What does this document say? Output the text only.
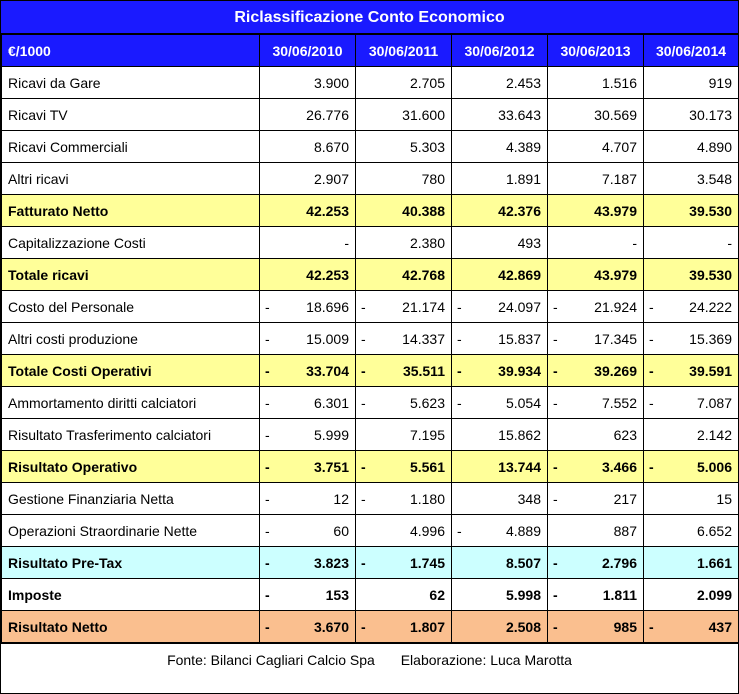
Riclassificazione Conto Economico
€/1000	30/06/2010	30/06/2011	30/06/2012	30/06/2013	30/06/2014
Ricavi da Gare	3.900	2.705	2.453	1.516	919
Ricavi TV	26.776	31.600	33.643	30.569	30.173
Ricavi Commerciali	8.670	5.303	4.389	4.707	4.890
Altri ricavi	2.907	780	1.891	7.187	3.548
Fatturato Netto	42.253	40.388	42.376	43.979	39.530
Capitalizzazione Costi	-	2.380	493	-	-
Totale ricavi	42.253	42.768	42.869	43.979	39.530
Costo del Personale	- 18.696	- 21.174	- 24.097	- 21.924	- 24.222
Altri costi produzione	- 15.009	- 14.337	- 15.837	- 17.345	- 15.369
Totale Costi Operativi	- 33.704	- 35.511	- 39.934	- 39.269	- 39.591
Ammortamento diritti calciatori	- 6.301	- 5.623	- 5.054	- 7.552	- 7.087
Risultato Trasferimento calciatori	- 5.999	7.195	15.862	623	2.142
Risultato Operativo	- 3.751	- 5.561	13.744	- 3.466	- 5.006
Gestione Finanziaria Netta	- 12	- 1.180	348	- 217	15
Operazioni Straordinarie Nette	- 60	4.996	- 4.889	887	6.652
Risultato Pre-Tax	- 3.823	- 1.745	8.507	- 2.796	1.661
Imposte	- 153	62	5.998	- 1.811	2.099
Risultato Netto	- 3.670	- 1.807	2.508	- 985	- 437
Fonte: Bilanci Cagliari Calcio Spa Elaborazione: Luca Marotta
